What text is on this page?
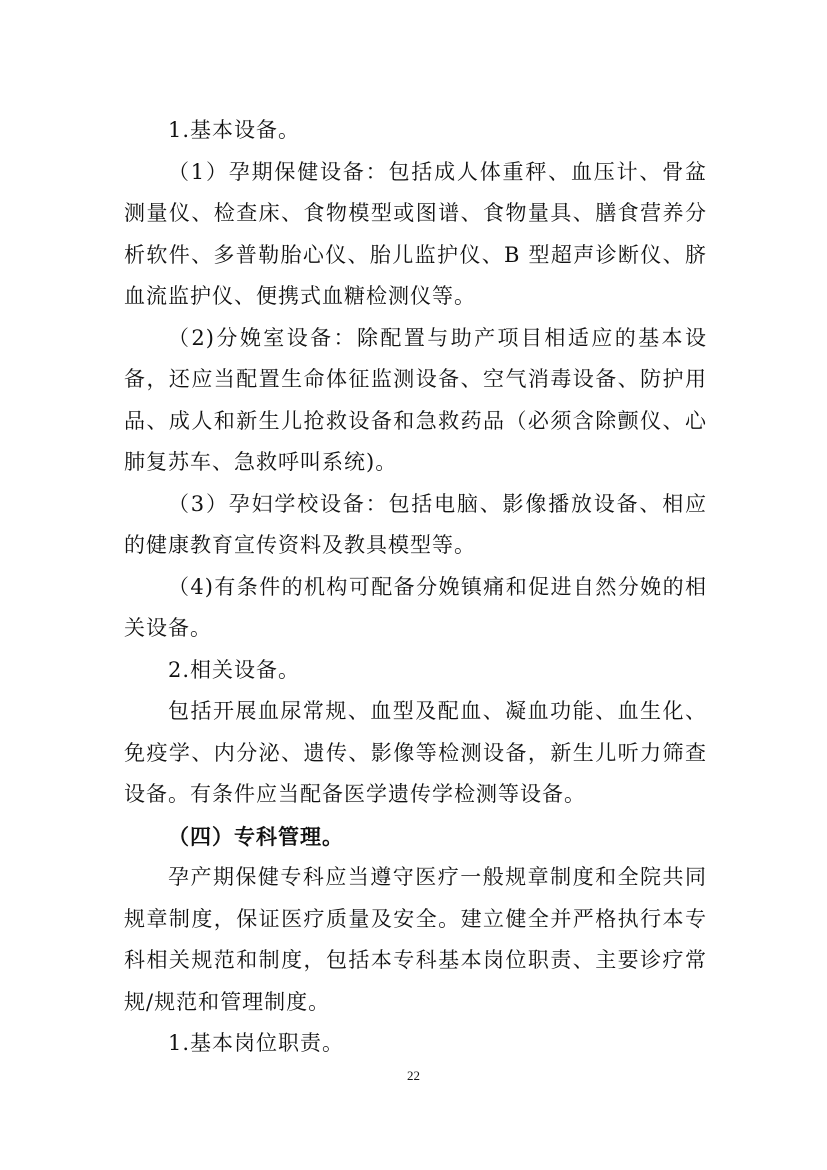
1.基本设备。

（1）孕期保健设备：包括成人体重秤、血压计、骨盆测量仪、检查床、食物模型或图谱、食物量具、膳食营养分析软件、多普勒胎心仪、胎儿监护仪、B 型超声诊断仪、脐血流监护仪、便携式血糖检测仪等。

（2)分娩室设备：除配置与助产项目相适应的基本设备，还应当配置生命体征监测设备、空气消毒设备、防护用品、成人和新生儿抢救设备和急救药品（必须含除颤仪、心肺复苏车、急救呼叫系统)。

（3）孕妇学校设备：包括电脑、影像播放设备、相应的健康教育宣传资料及教具模型等。

（4)有条件的机构可配备分娩镇痛和促进自然分娩的相关设备。

2.相关设备。

包括开展血尿常规、血型及配血、凝血功能、血生化、免疫学、内分泌、遗传、影像等检测设备，新生儿听力筛查设备。有条件应当配备医学遗传学检测等设备。

（四）专科管理。

孕产期保健专科应当遵守医疗一般规章制度和全院共同规章制度，保证医疗质量及安全。建立健全并严格执行本专科相关规范和制度，包括本专科基本岗位职责、主要诊疗常规/规范和管理制度。

1.基本岗位职责。

22
